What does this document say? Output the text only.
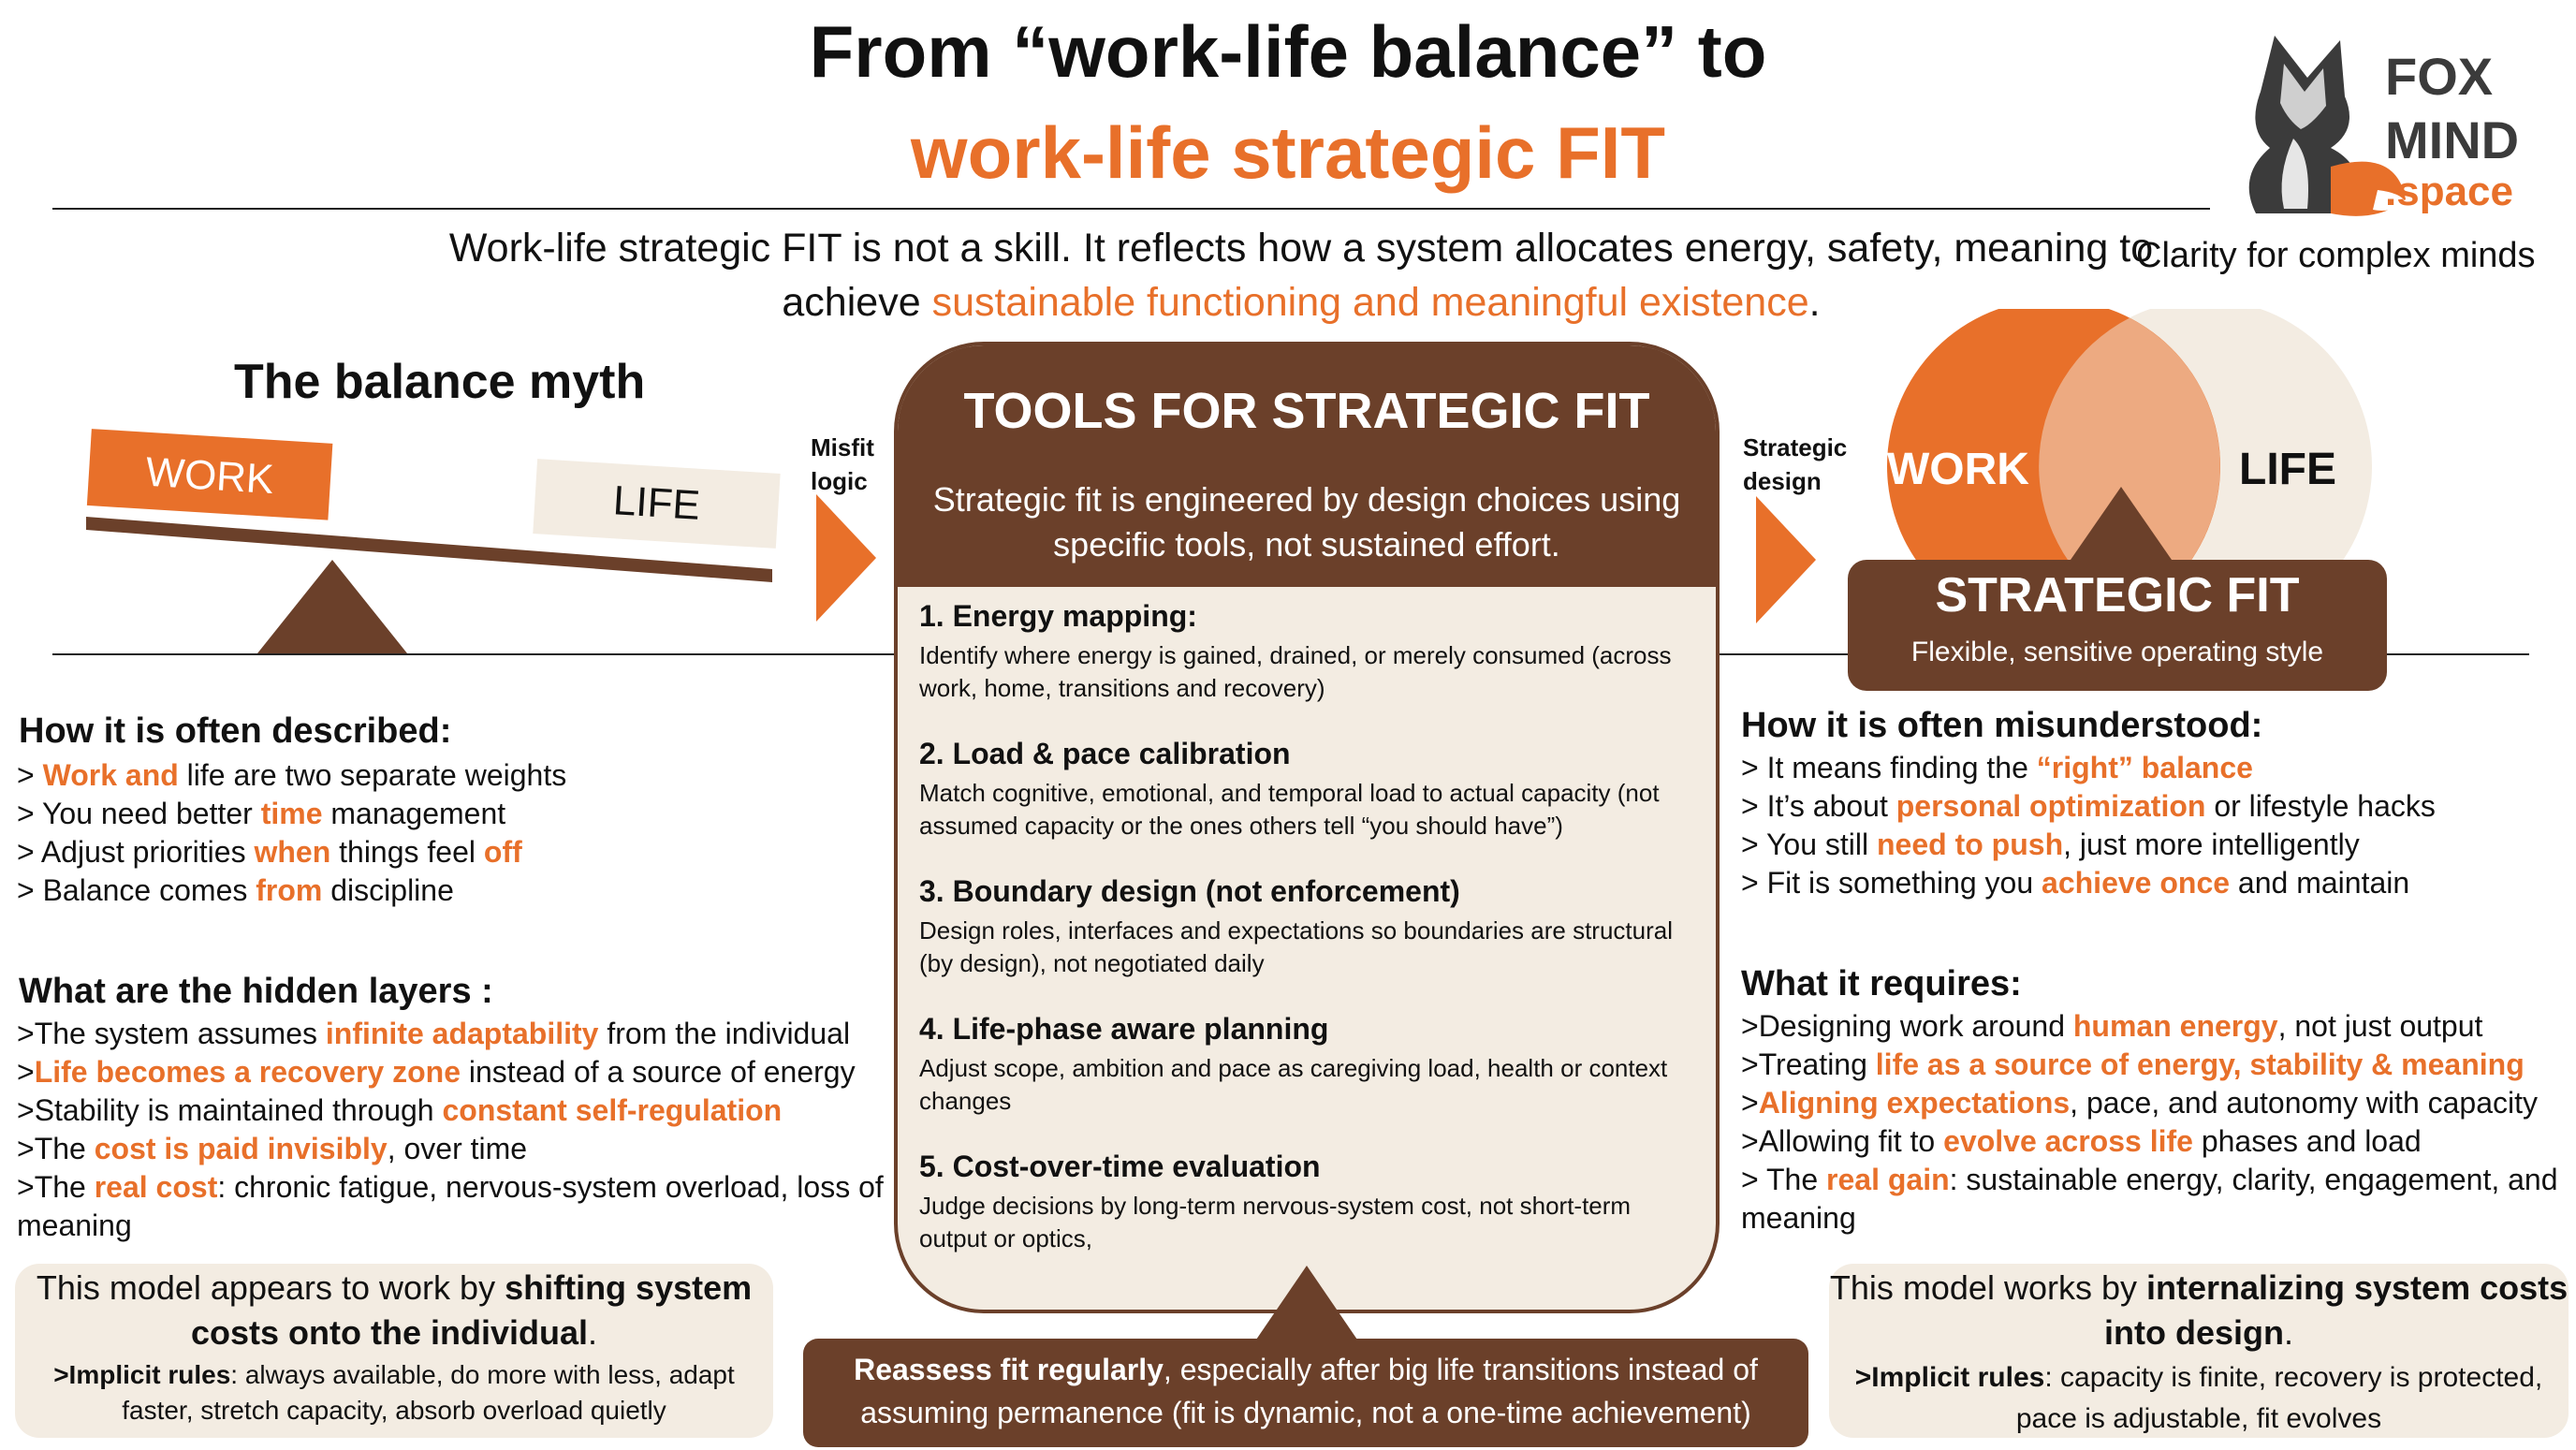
From “work-life balance” to
work-life strategic FIT
Work-life strategic FIT is not a skill. It reflects how a system allocates energy, safety, meaning to achieve sustainable functioning and meaningful existence.
FOX
MIND
.space
Clarity for complex minds
The balance myth
WORK
LIFE
Misfit
logic
How it is often described:
> Work and life are two separate weights
> You need better time management
> Adjust priorities when things feel off
> Balance comes from discipline
What are the hidden layers :
>The system assumes infinite adaptability from the individual
>Life becomes a recovery zone instead of a source of energy
>Stability is maintained through constant self-regulation
>The cost is paid invisibly, over time
>The real cost: chronic fatigue, nervous-system overload, loss of meaning
This model appears to work by shifting system costs onto the individual.
>Implicit rules: always available, do more with less, adapt faster, stretch capacity, absorb overload quietly
TOOLS FOR STRATEGIC FIT
Strategic fit is engineered by design choices using specific tools, not sustained effort.
1. Energy mapping:
Identify where energy is gained, drained, or merely consumed (across work, home, transitions and recovery)
2. Load & pace calibration
Match cognitive, emotional, and temporal load to actual capacity (not assumed capacity or the ones others tell “you should have”)
3. Boundary design (not enforcement)
Design roles, interfaces and expectations so boundaries are structural (by design), not negotiated daily
4. Life-phase aware planning
Adjust scope, ambition and pace as caregiving load, health or context changes
5. Cost-over-time evaluation
Judge decisions by long-term nervous-system cost, not short-term output or optics,
Reassess fit regularly, especially after big life transitions instead of assuming permanence (fit is dynamic, not a one-time achievement)
Strategic
design	WORK	LIFE
STRATEGIC FIT
Flexible, sensitive operating style
How it is often misunderstood:
> It means finding the “right” balance
> It’s about personal optimization or lifestyle hacks
> You still need to push, just more intelligently
> Fit is something you achieve once and maintain
What it requires:
>Designing work around human energy, not just output
>Treating life as a source of energy, stability & meaning
>Aligning expectations, pace, and autonomy with capacity
>Allowing fit to evolve across life phases and load
> The real gain: sustainable energy, clarity, engagement, and meaning
This model works by internalizing system costs into design.
>Implicit rules: capacity is finite, recovery is protected, pace is adjustable, fit evolves
